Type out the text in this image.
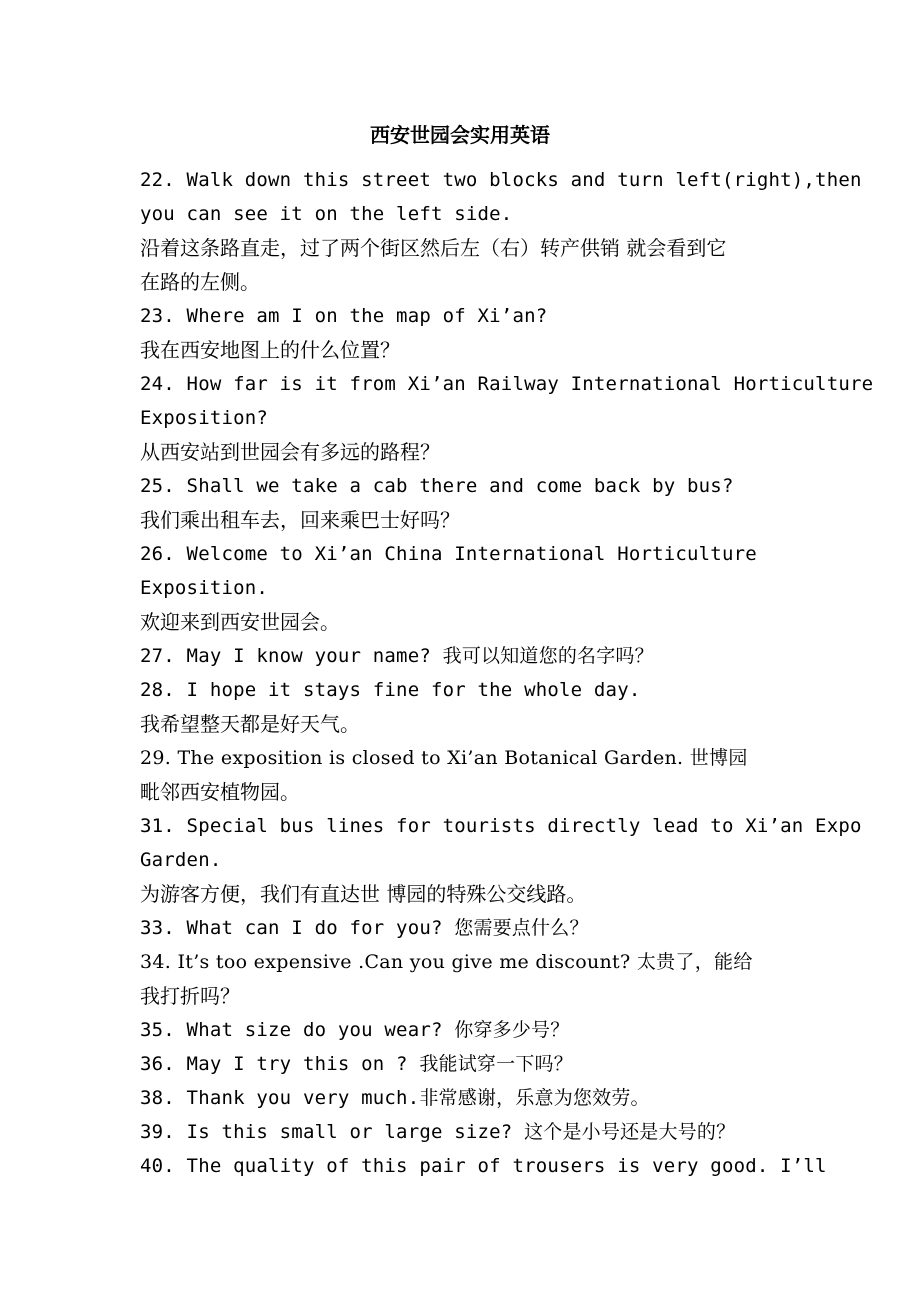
西安世园会实用英语
22. Walk down this street two blocks and turn left(right),then
you can see it on the left side.
沿着这条路直走，过了两个街区然后左（右）转产供销 就会看到它
在路的左侧。
23. Where am I on the map of Xi’an?
我在西安地图上的什么位置？
24. How far is it from Xi’an Railway International Horticulture
Exposition?
从西安站到世园会有多远的路程？
25. Shall we take a cab there and come back by bus?
我们乘出租车去，回来乘巴士好吗？
26. Welcome to Xi’an China International Horticulture
Exposition.
欢迎来到西安世园会。
27. May I know your name? 我可以知道您的名字吗？
28. I hope it stays fine for the whole day.
我希望整天都是好天气。
29. The exposition is closed to Xi’an Botanical Garden. 世博园
毗邻西安植物园。
31. Special bus lines for tourists directly lead to Xi’an Expo
Garden.
为游客方便，我们有直达世 博园的特殊公交线路。
33. What can I do for you? 您需要点什么？
34. It’s too expensive .Can you give me discount? 太贵了，能给
我打折吗？
35. What size do you wear? 你穿多少号？
36. May I try this on ? 我能试穿一下吗？
38. Thank you very much.非常感谢，乐意为您效劳。
39. Is this small or large size? 这个是小号还是大号的？
40. The quality of this pair of trousers is very good. I’ll
